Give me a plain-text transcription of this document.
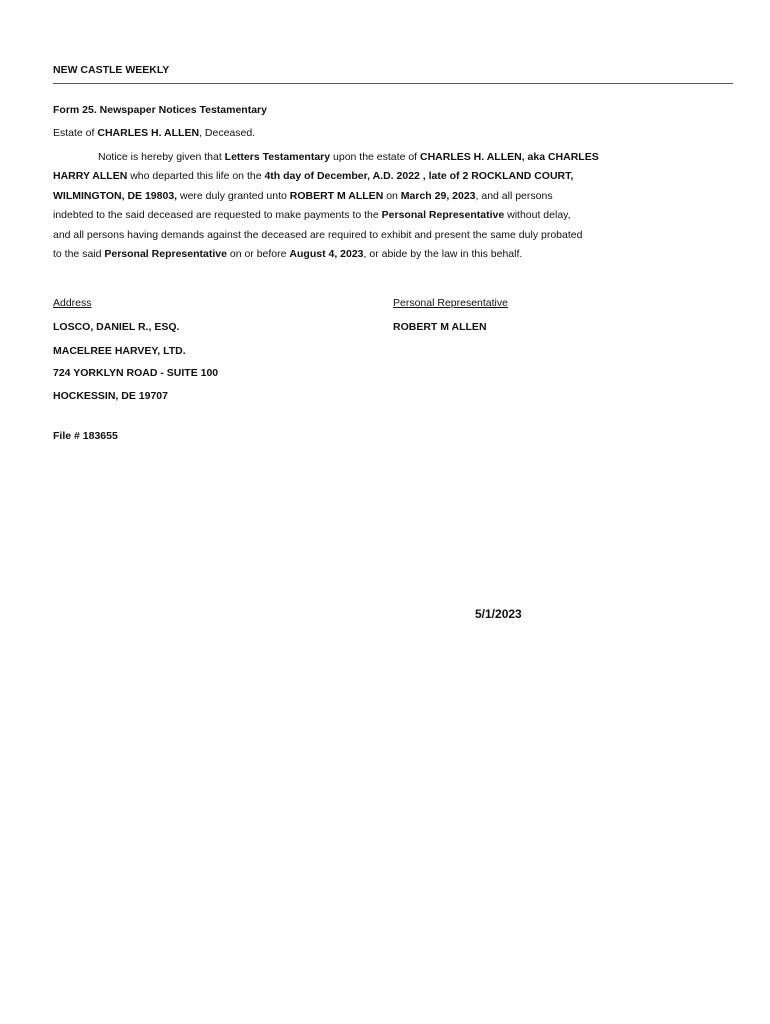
NEW CASTLE WEEKLY
Form 25. Newspaper Notices Testamentary
Estate of CHARLES H. ALLEN, Deceased.
Notice is hereby given that Letters Testamentary upon the estate of CHARLES H. ALLEN, aka CHARLES
HARRY ALLEN who departed this life on the 4th day of December, A.D. 2022 , late of 2 ROCKLAND COURT,
WILMINGTON, DE 19803, were duly granted unto ROBERT M ALLEN on March 29, 2023, and all persons
indebted to the said deceased are requested to make payments to the Personal Representative without delay,
and all persons having demands against the deceased are required to exhibit and present the same duly probated
to the said Personal Representative on or before August 4, 2023, or abide by the law in this behalf.
Address	Personal Representative
LOSCO, DANIEL R., ESQ.
MACELREE HARVEY, LTD.
724 YORKLYN ROAD - SUITE 100
HOCKESSIN, DE 19707
ROBERT M ALLEN
File # 183655
5/1/2023
